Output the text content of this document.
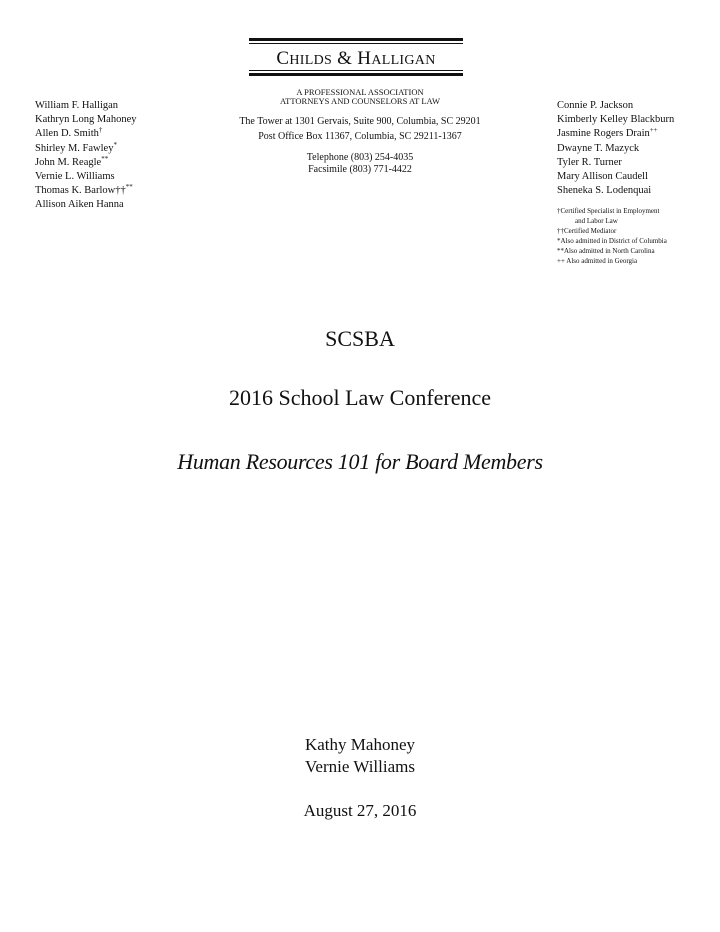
CHILDS & HALLIGAN
A PROFESSIONAL ASSOCIATION
ATTORNEYS AND COUNSELORS AT LAW
The Tower at 1301 Gervais, Suite 900, Columbia, SC 29201
Post Office Box 11367, Columbia, SC 29211-1367
Telephone (803) 254-4035
Facsimile (803) 771-4422
William F. Halligan
Kathryn Long Mahoney
Allen D. Smith†
Shirley M. Fawley*
John M. Reagle**
Vernie L. Williams
Thomas K. Barlow††**
Allison Aiken Hanna
Connie P. Jackson
Kimberly Kelley Blackburn
Jasmine Rogers Drain++
Dwayne T. Mazyck
Tyler R. Turner
Mary Allison Caudell
Sheneka S. Lodenquai
†Certified Specialist in Employment
and Labor Law
††Certified Mediator
*Also admitted in District of Columbia
**Also admitted in North Carolina
++ Also admitted in Georgia
SCSBA
2016 School Law Conference
Human Resources 101 for Board Members
Kathy Mahoney
Vernie Williams
August 27, 2016
